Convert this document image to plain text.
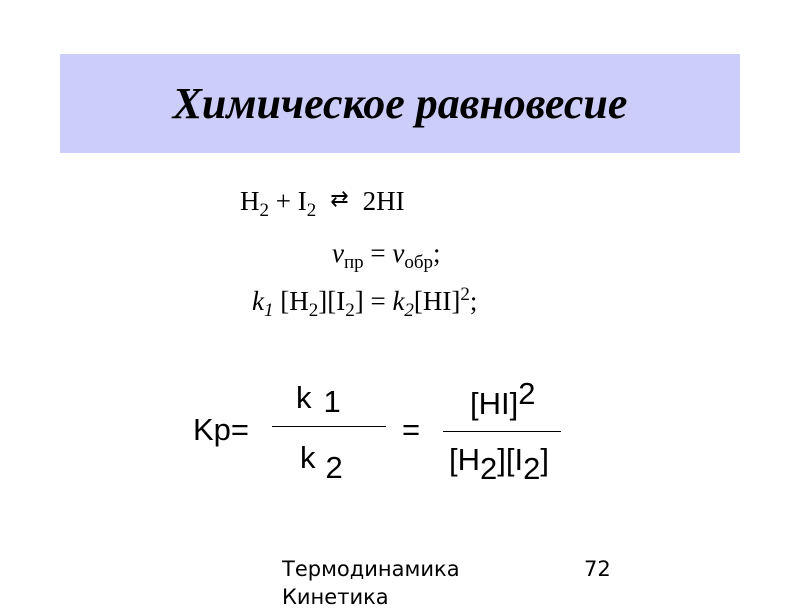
Химическое равновесие
$H_2 + I_2$ ⇄ 2HI
$v_{пр} = v_{обр}$;
$k_1$ $[H_2][I_2] = k_2[HI]^2$;
Kp=
k 1
k 2
=
[HI]$^2$
$[H_2][I_2]$
Термодинамика
Кинетика
72
